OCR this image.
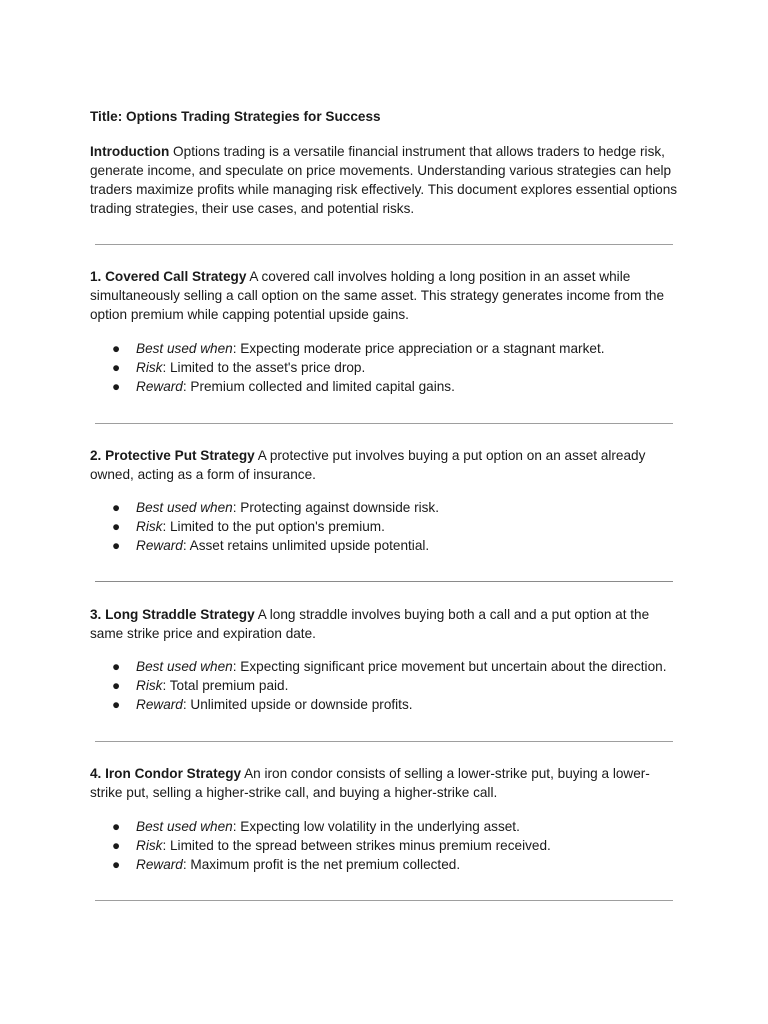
Title: Options Trading Strategies for Success

Introduction Options trading is a versatile financial instrument that allows traders to hedge risk, generate income, and speculate on price movements. Understanding various strategies can help traders maximize profits while managing risk effectively. This document explores essential options trading strategies, their use cases, and potential risks.

1. Covered Call Strategy A covered call involves holding a long position in an asset while simultaneously selling a call option on the same asset. This strategy generates income from the option premium while capping potential upside gains.

● Best used when: Expecting moderate price appreciation or a stagnant market.
● Risk: Limited to the asset's price drop.
● Reward: Premium collected and limited capital gains.

2. Protective Put Strategy A protective put involves buying a put option on an asset already owned, acting as a form of insurance.

● Best used when: Protecting against downside risk.
● Risk: Limited to the put option's premium.
● Reward: Asset retains unlimited upside potential.

3. Long Straddle Strategy A long straddle involves buying both a call and a put option at the same strike price and expiration date.

● Best used when: Expecting significant price movement but uncertain about the direction.
● Risk: Total premium paid.
● Reward: Unlimited upside or downside profits.

4. Iron Condor Strategy An iron condor consists of selling a lower-strike put, buying a lower-strike put, selling a higher-strike call, and buying a higher-strike call.

● Best used when: Expecting low volatility in the underlying asset.
● Risk: Limited to the spread between strikes minus premium received.
● Reward: Maximum profit is the net premium collected.
